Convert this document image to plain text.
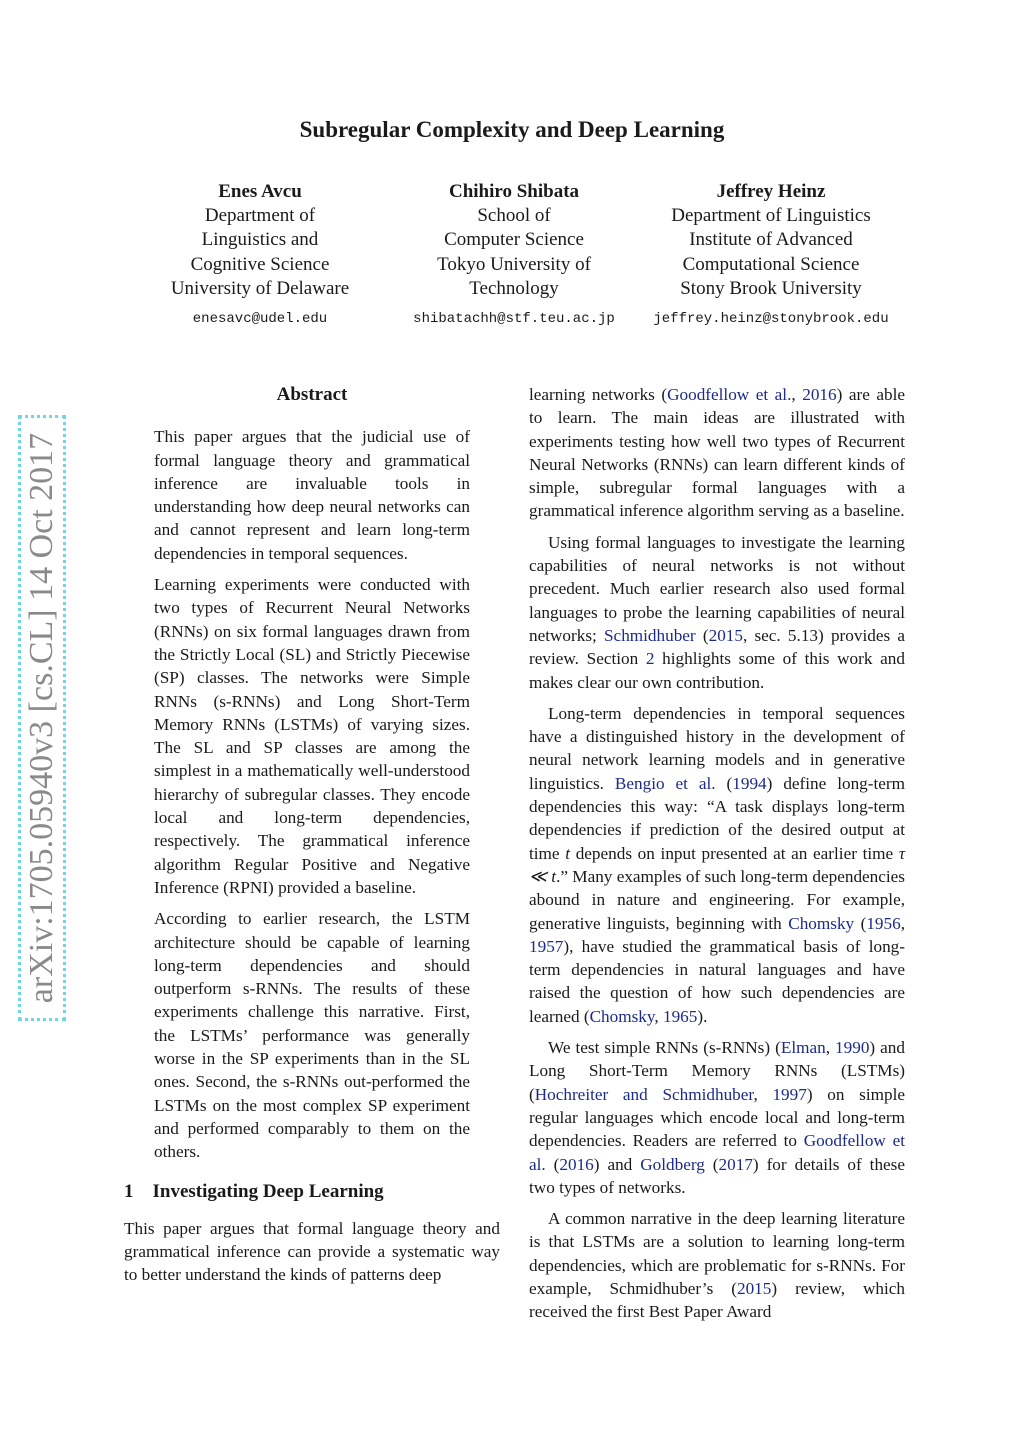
Subregular Complexity and Deep Learning
Enes Avcu
Department of
Linguistics and
Cognitive Science
University of Delaware
enesavc@udel.edu
Chihiro Shibata
School of
Computer Science
Tokyo University of
Technology
shibatachh@stf.teu.ac.jp
Jeffrey Heinz
Department of Linguistics
Institute of Advanced
Computational Science
Stony Brook University
jeffrey.heinz@stonybrook.edu
arXiv:1705.05940v3 [cs.CL] 14 Oct 2017
Abstract

This paper argues that the judicial use of formal language theory and grammatical inference are invaluable tools in understanding how deep neural networks can and cannot represent and learn long-term dependencies in temporal sequences.

Learning experiments were conducted with two types of Recurrent Neural Networks (RNNs) on six formal languages drawn from the Strictly Local (SL) and Strictly Piecewise (SP) classes. The networks were Simple RNNs (s-RNNs) and Long Short-Term Memory RNNs (LSTMs) of varying sizes. The SL and SP classes are among the simplest in a mathematically well-understood hierarchy of subregular classes. They encode local and long-term dependencies, respectively. The grammatical inference algorithm Regular Positive and Negative Inference (RPNI) provided a baseline.

According to earlier research, the LSTM architecture should be capable of learning long-term dependencies and should outperform s-RNNs. The results of these experiments challenge this narrative. First, the LSTMs’ performance was generally worse in the SP experiments than in the SL ones. Second, the s-RNNs out-performed the LSTMs on the most complex SP experiment and performed comparably to them on the others.

1    Investigating Deep Learning

This paper argues that formal language theory and grammatical inference can provide a systematic way to better understand the kinds of patterns deep

learning networks (Goodfellow et al., 2016) are able to learn. The main ideas are illustrated with experiments testing how well two types of Recurrent Neural Networks (RNNs) can learn different kinds of simple, subregular formal languages with a grammatical inference algorithm serving as a baseline.

Using formal languages to investigate the learning capabilities of neural networks is not without precedent. Much earlier research also used formal languages to probe the learning capabilities of neural networks; Schmidhuber (2015, sec. 5.13) provides a review. Section 2 highlights some of this work and makes clear our own contribution.

Long-term dependencies in temporal sequences have a distinguished history in the development of neural network learning models and in generative linguistics. Bengio et al. (1994) define long-term dependencies this way: “A task displays long-term dependencies if prediction of the desired output at time t depends on input presented at an earlier time τ ≪ t.” Many examples of such long-term dependencies abound in nature and engineering. For example, generative linguists, beginning with Chomsky (1956, 1957), have studied the grammatical basis of long-term dependencies in natural languages and have raised the question of how such dependencies are learned (Chomsky, 1965).

We test simple RNNs (s-RNNs) (Elman, 1990) and Long Short-Term Memory RNNs (LSTMs) (Hochreiter and Schmidhuber, 1997) on simple regular languages which encode local and long-term dependencies. Readers are referred to Goodfellow et al. (2016) and Goldberg (2017) for details of these two types of networks.

A common narrative in the deep learning literature is that LSTMs are a solution to learning long-term dependencies, which are problematic for s-RNNs. For example, Schmidhuber’s (2015) review, which received the first Best Paper Award
